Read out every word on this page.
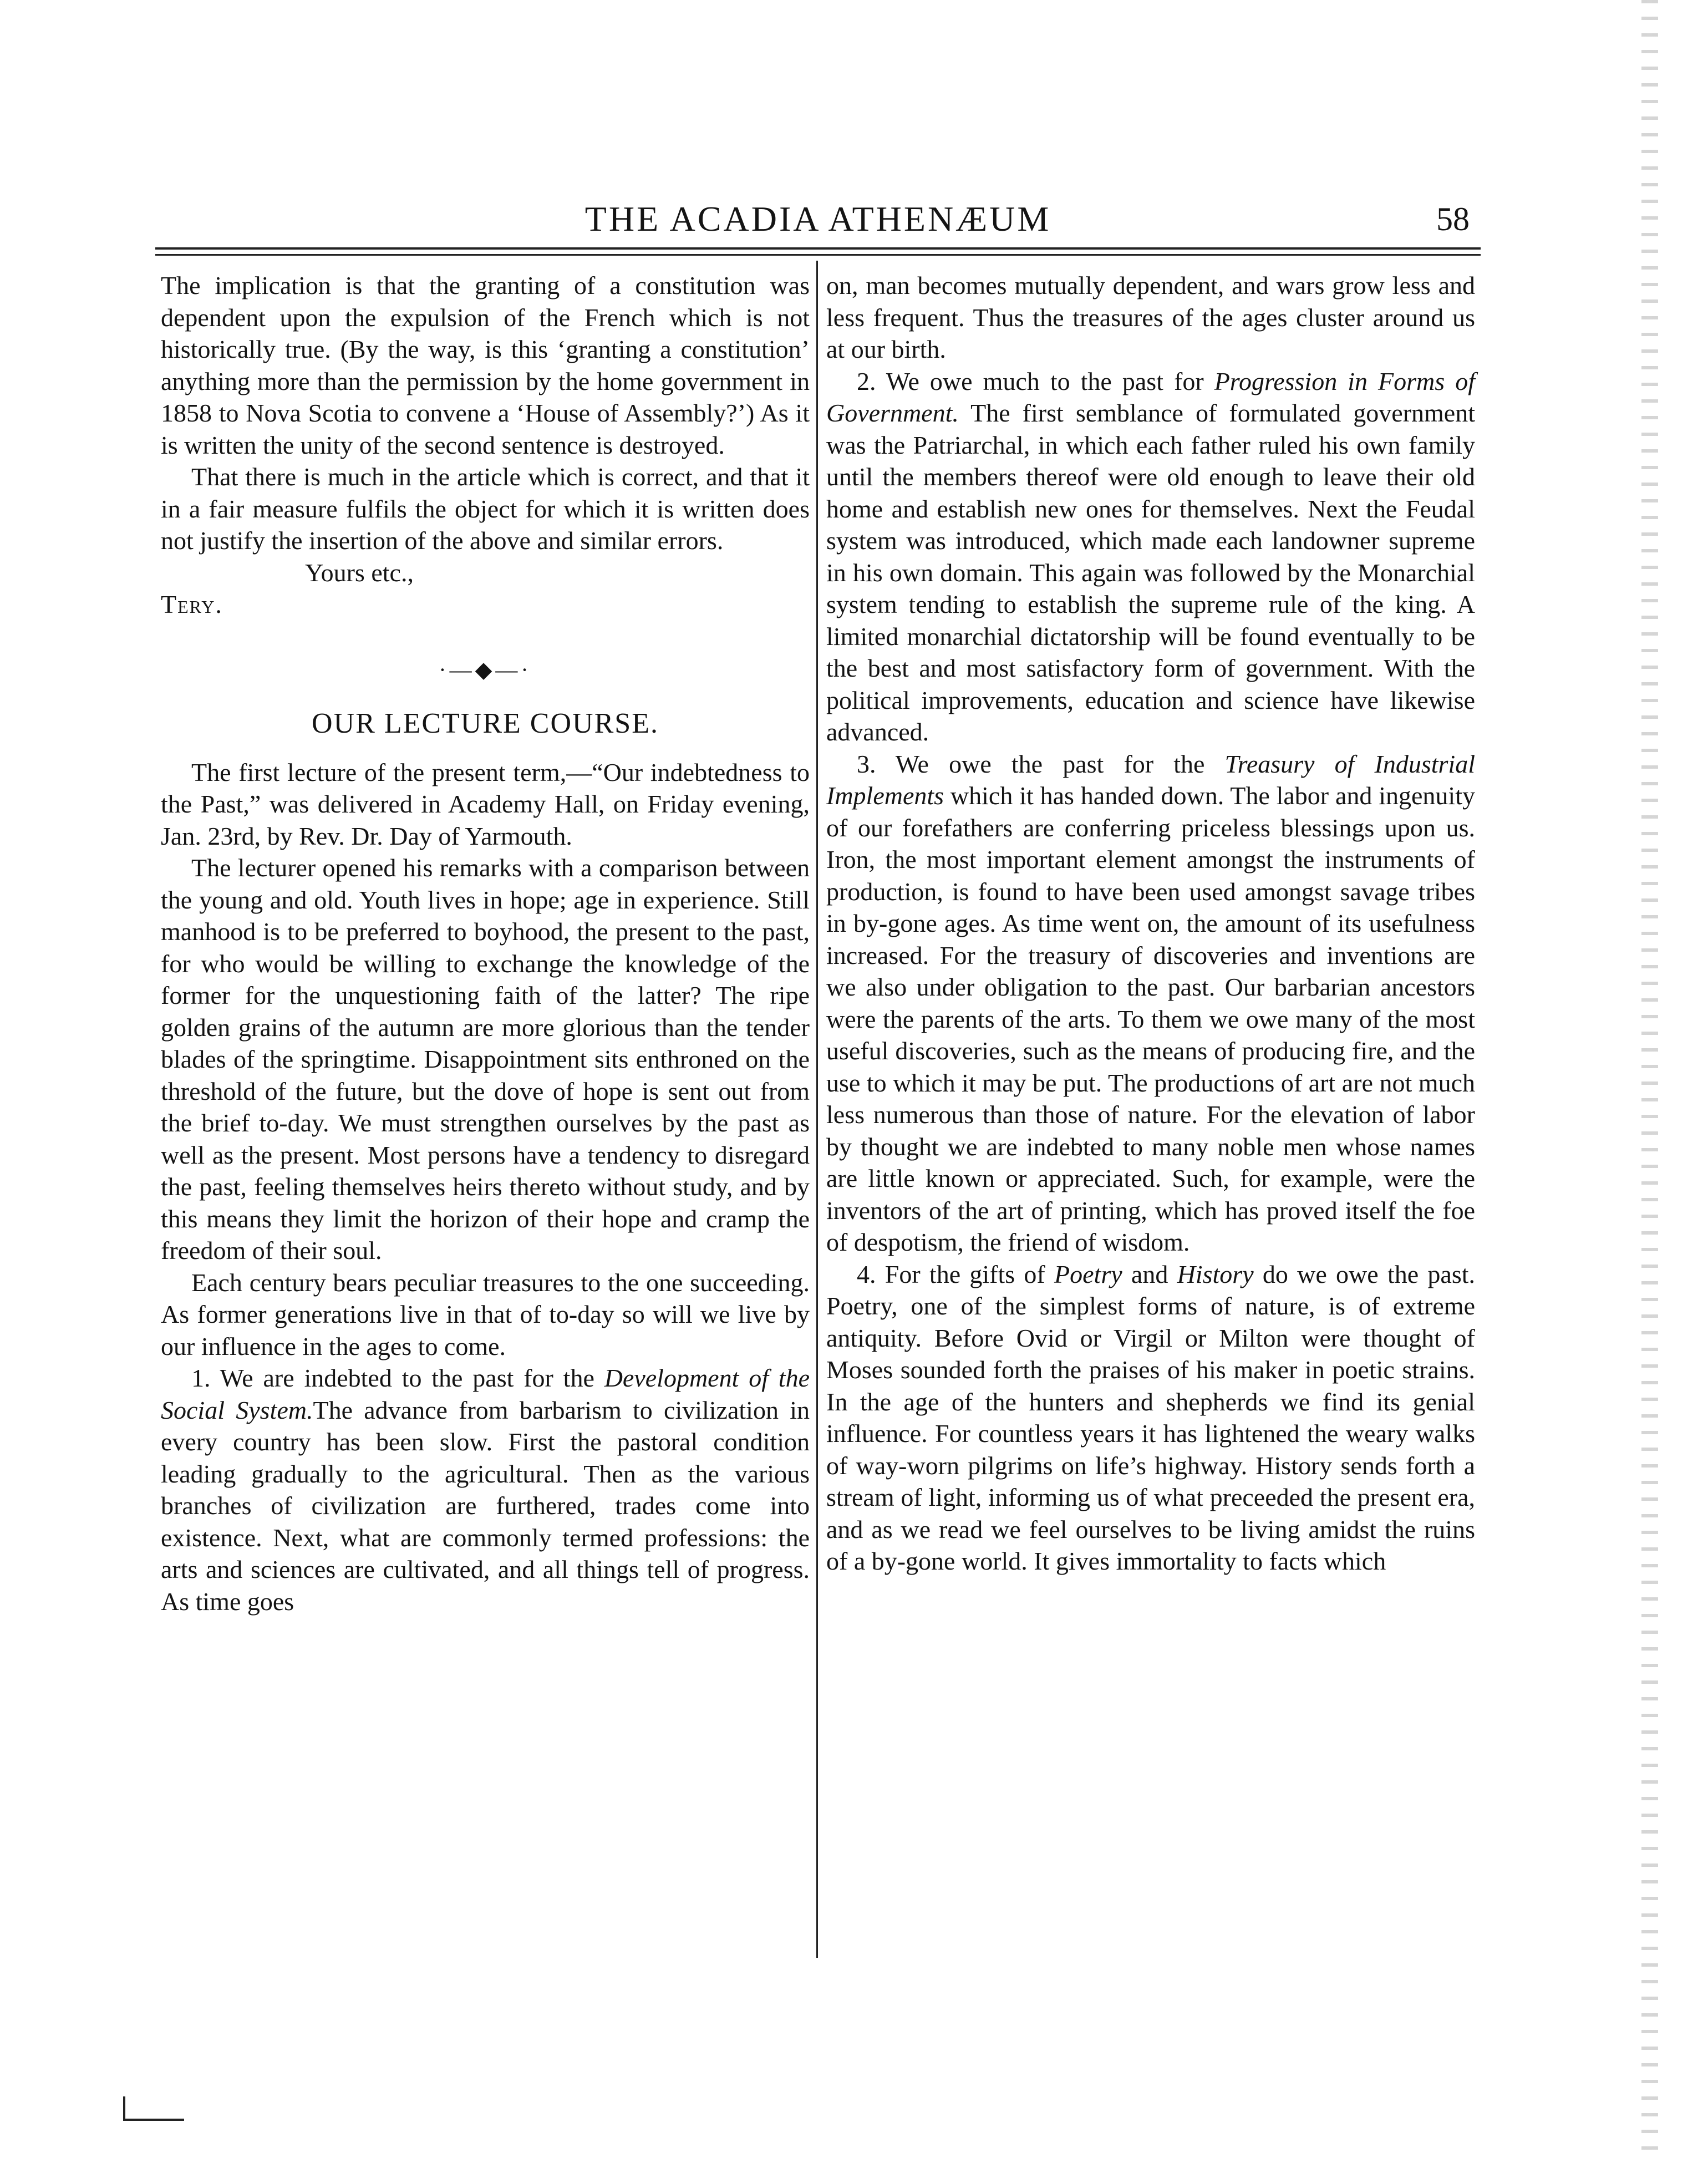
THE ACADIA ATHENÆUM	58

The implication is that the granting of a constitution was dependent upon the expulsion of the French which is not historically true. (By the way, is this ‘granting a constitution’ anything more than the permission by the home government in 1858 to Nova Scotia to convene a ‘House of Assembly?’) As it is written the unity of the second sentence is destroyed.

That there is much in the article which is correct, and that it in a fair measure fulfils the object for which it is written does not justify the insertion of the above and similar errors.

Yours etc.,

Tery.

·—◆—·
OUR LECTURE COURSE.

The first lecture of the present term,—“Our indebtedness to the Past,” was delivered in Academy Hall, on Friday evening, Jan. 23rd, by Rev. Dr. Day of Yarmouth.

The lecturer opened his remarks with a comparison between the young and old. Youth lives in hope; age in experience. Still manhood is to be preferred to boyhood, the present to the past, for who would be willing to exchange the knowledge of the former for the unquestioning faith of the latter? The ripe golden grains of the autumn are more glorious than the tender blades of the springtime. Disappointment sits enthroned on the threshold of the future, but the dove of hope is sent out from the brief to-day. We must strengthen ourselves by the past as well as the present. Most persons have a tendency to disregard the past, feeling themselves heirs thereto without study, and by this means they limit the horizon of their hope and cramp the freedom of their soul.

Each century bears peculiar treasures to the one succeeding. As former generations live in that of to-day so will we live by our influence in the ages to come.

1. We are indebted to the past for the Development of the Social System.The advance from barbarism to civilization in every country has been slow. First the pastoral condition leading gradually to the agricultural. Then as the various branches of civilization are furthered, trades come into existence. Next, what are commonly termed professions: the arts and sciences are cultivated, and all things tell of progress. As time goes

on, man becomes mutually dependent, and wars grow less and less frequent. Thus the treasures of the ages cluster around us at our birth.

2. We owe much to the past for Progression in Forms of Government. The first semblance of formulated government was the Patriarchal, in which each father ruled his own family until the members thereof were old enough to leave their old home and establish new ones for themselves. Next the Feudal system was introduced, which made each landowner supreme in his own domain. This again was followed by the Monarchial system tending to establish the supreme rule of the king. A limited monarchial dictatorship will be found eventually to be the best and most satisfactory form of government. With the political improvements, education and science have likewise advanced.

3. We owe the past for the Treasury of Industrial Implements which it has handed down. The labor and ingenuity of our forefathers are conferring priceless blessings upon us. Iron, the most important element amongst the instruments of production, is found to have been used amongst savage tribes in by-gone ages. As time went on, the amount of its usefulness increased. For the treasury of discoveries and inventions are we also under obligation to the past. Our barbarian ancestors were the parents of the arts. To them we owe many of the most useful discoveries, such as the means of producing fire, and the use to which it may be put. The productions of art are not much less numerous than those of nature. For the elevation of labor by thought we are indebted to many noble men whose names are little known or appreciated. Such, for example, were the inventors of the art of printing, which has proved itself the foe of despotism, the friend of wisdom.

4. For the gifts of Poetry and History do we owe the past. Poetry, one of the simplest forms of nature, is of extreme antiquity. Before Ovid or Virgil or Milton were thought of Moses sounded forth the praises of his maker in poetic strains. In the age of the hunters and shepherds we find its genial influence. For countless years it has lightened the weary walks of way-worn pilgrims on life’s highway. History sends forth a stream of light, informing us of what preceeded the present era, and as we read we feel ourselves to be living amidst the ruins of a by-gone world. It gives immortality to facts which
